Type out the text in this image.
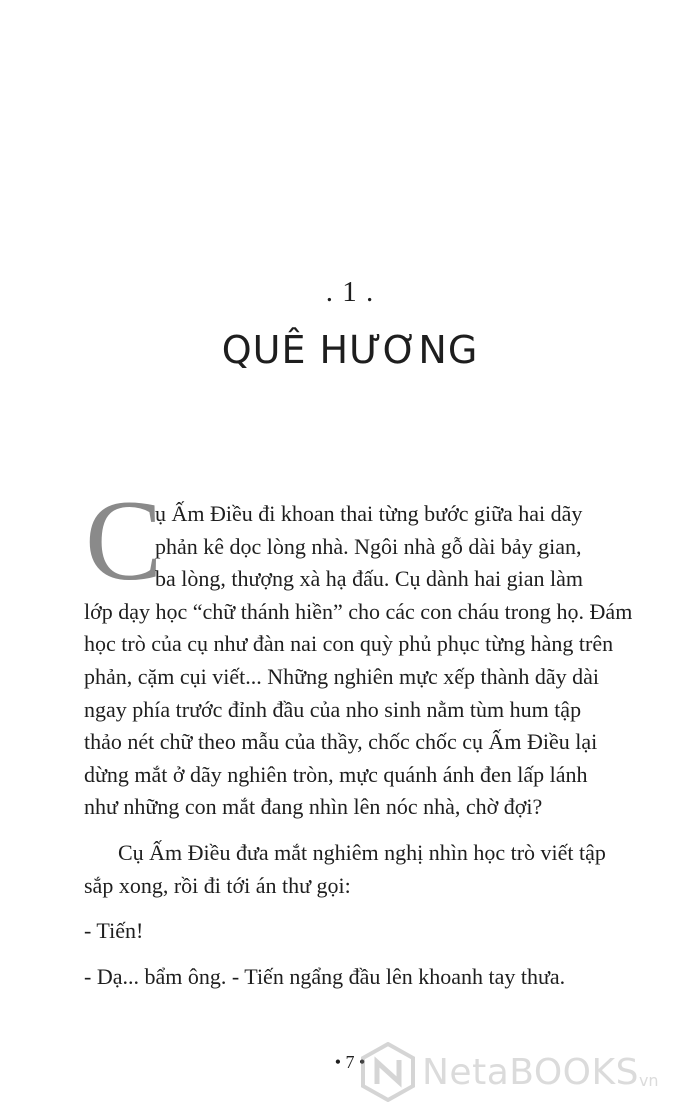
. 1 .
QUÊ HƯƠNG
C
ụ Ấm Điều đi khoan thai từng bước giữa hai dãy
phản kê dọc lòng nhà. Ngôi nhà gỗ dài bảy gian,
ba lòng, thượng xà hạ đấu. Cụ dành hai gian làm
lớp dạy học “chữ thánh hiền” cho các con cháu trong họ. Đám
học trò của cụ như đàn nai con quỳ phủ phục từng hàng trên
phản, cặm cụi viết... Những nghiên mực xếp thành dãy dài
ngay phía trước đỉnh đầu của nho sinh nằm tùm hum tập
thảo nét chữ theo mẫu của thầy, chốc chốc cụ Ấm Điều lại
dừng mắt ở dãy nghiên tròn, mực quánh ánh đen lấp lánh
như những con mắt đang nhìn lên nóc nhà, chờ đợi?
Cụ Ấm Điều đưa mắt nghiêm nghị nhìn học trò viết tập
sắp xong, rồi đi tới án thư gọi:
- Tiến!
- Dạ... bẩm ông. - Tiến ngẩng đầu lên khoanh tay thưa.
• 7 •	NetaBOOKS vn
